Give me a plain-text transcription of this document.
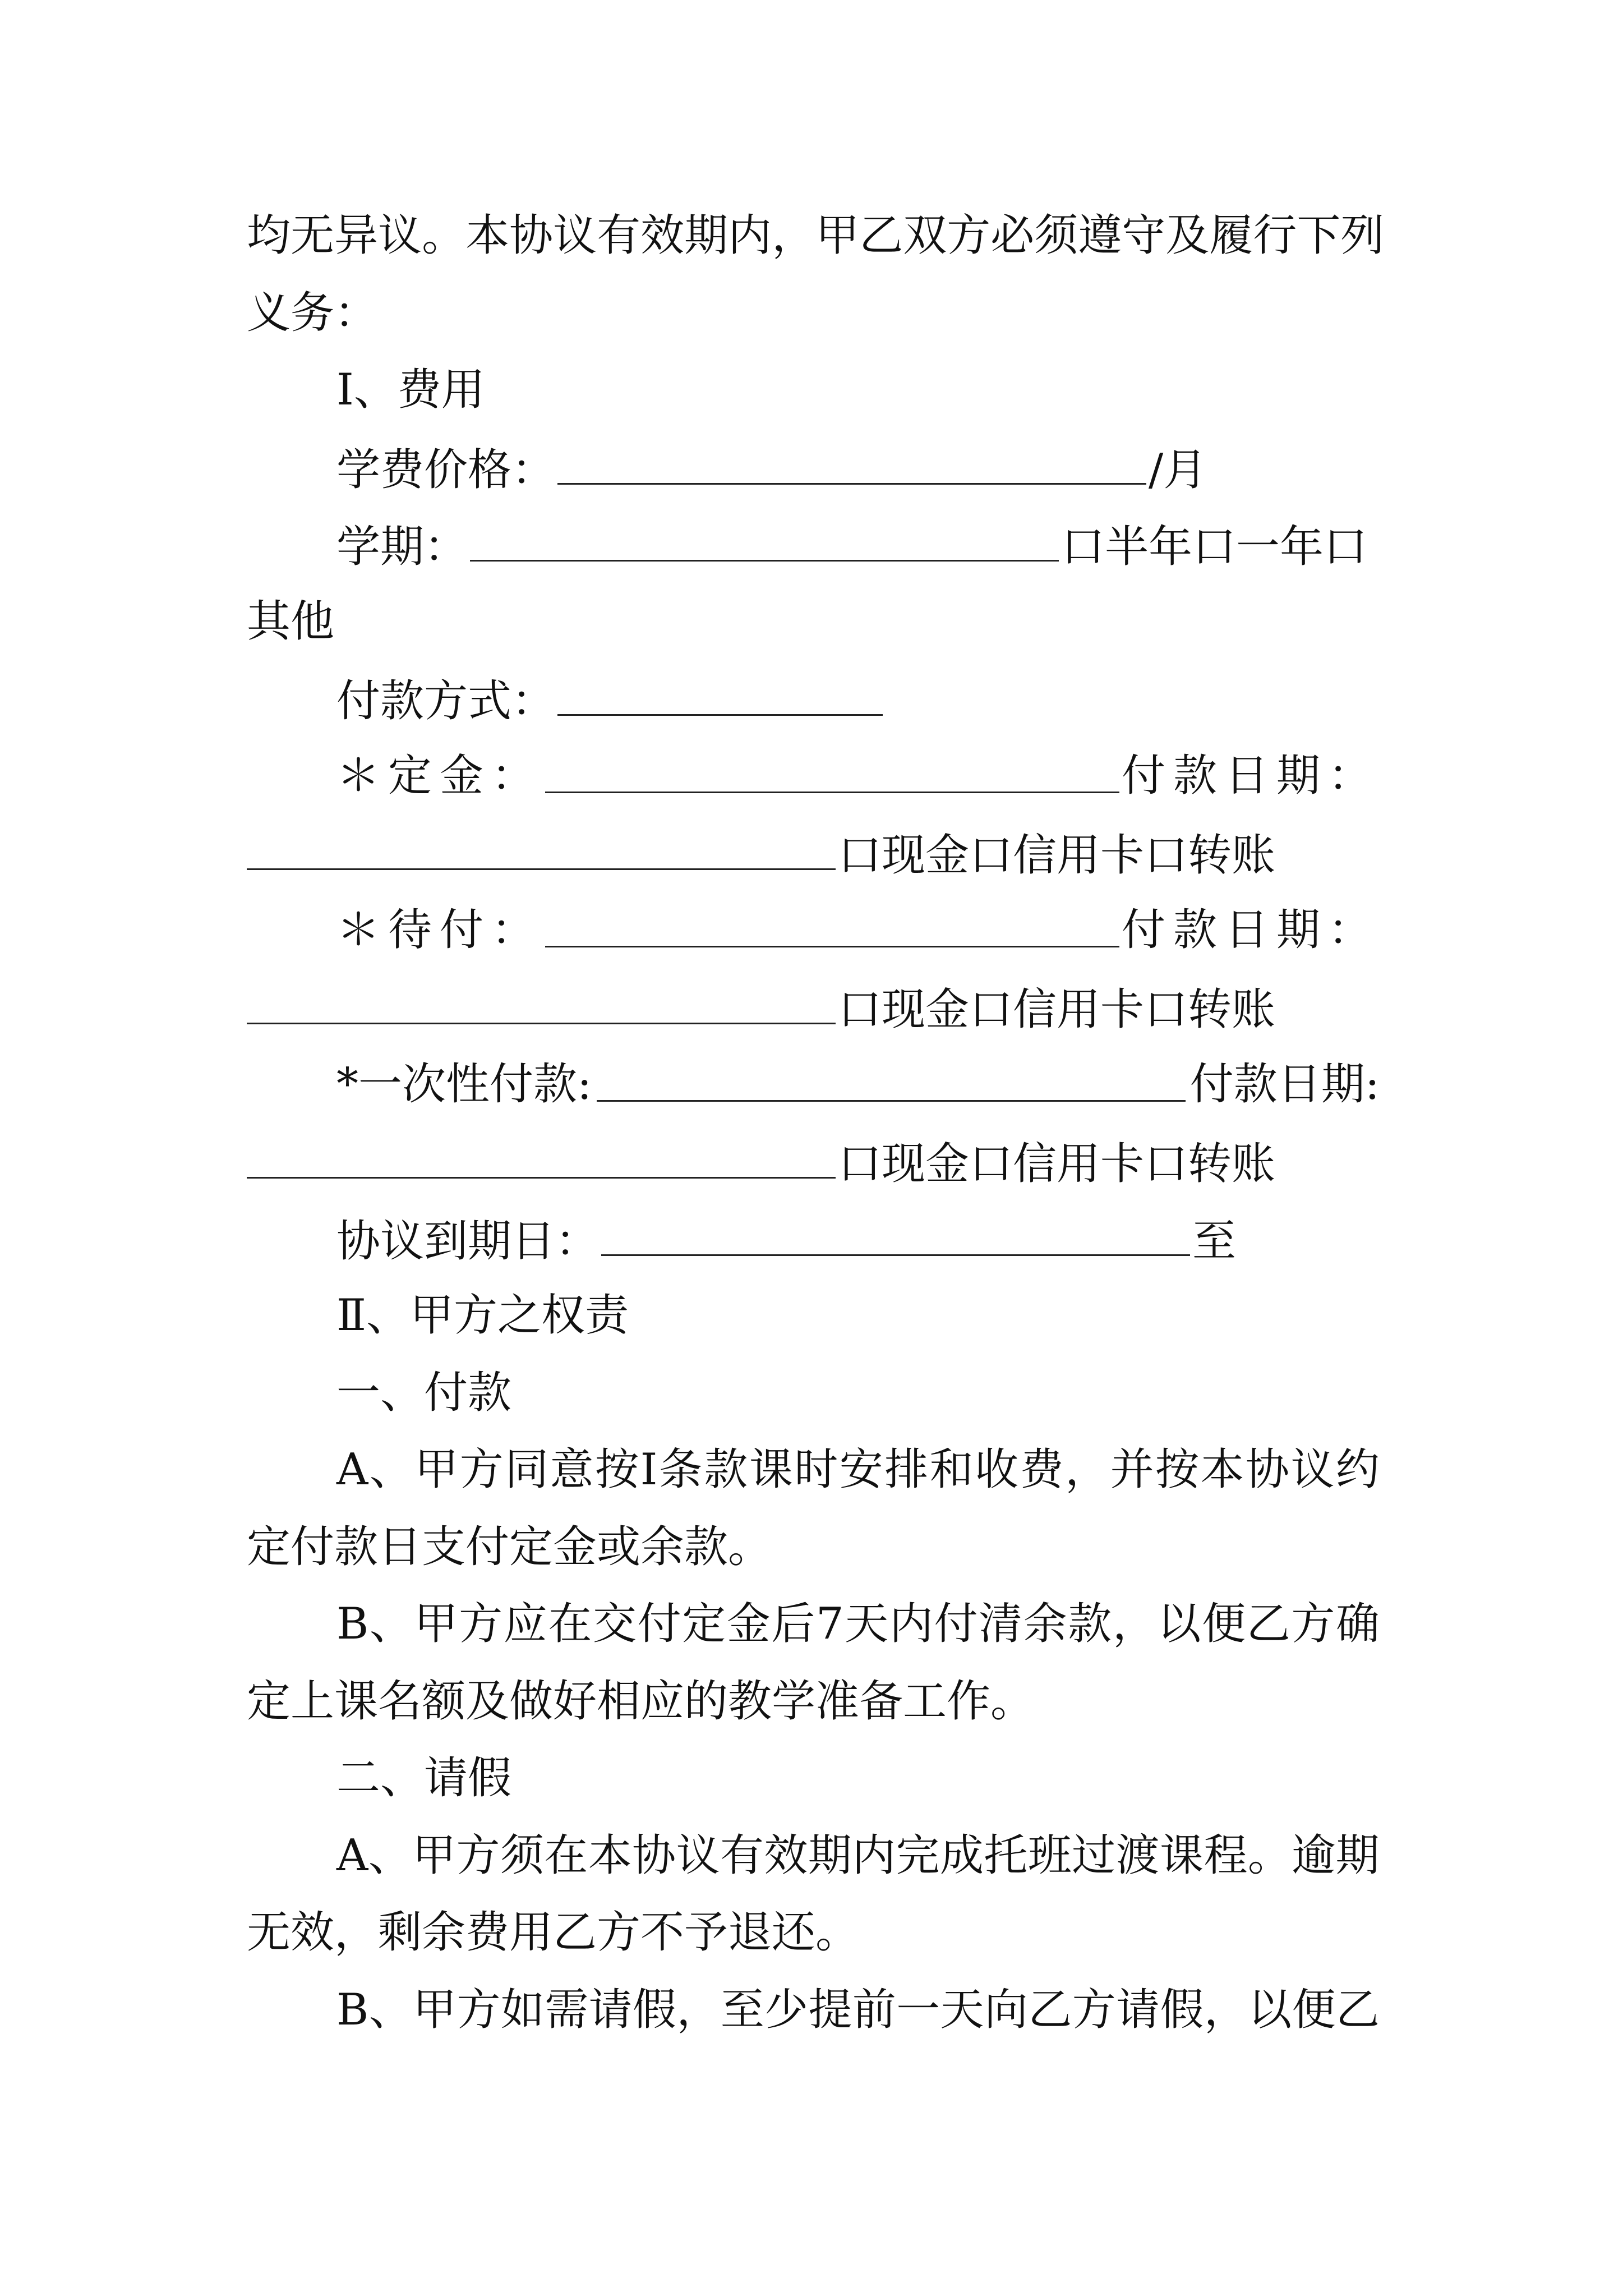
均 无 异 议 。 本 协 议 有 效 期 内 ， 甲 乙 双 方 必 须 遵 守 及 履 行 下 列
义务：
Ⅰ、费用
学费价格：	/月
学期：	口半年口一年口
其他
付款方式：
＊定金：	付款日期：
口现金口信用卡口转账
＊待付：	付款日期：
口现金口信用卡口转账
*一次性付款:	付款日期:
口现金口信用卡口转账
协议到期日：	至
Ⅱ、甲方之权责
一、付款
A 、 甲 方 同 意 按 Ⅰ 条 款 课 时 安 排 和 收 费 ， 并 按 本 协 议 约
定付款日支付定金或余款。
B 、 甲 方 应 在 交 付 定 金 后 7 天 内 付 清 余 款 ， 以 便 乙 方 确
定上课名额及做好相应的教学准备工作。
二、请假
A 、 甲 方 须 在 本 协 议 有 效 期 内 完 成 托 班 过 渡 课 程 。 逾 期
无效，剩余费用乙方不予退还。
B 、 甲 方 如 需 请 假 ， 至 少 提 前 一 天 向 乙 方 请 假 ， 以 便 乙
